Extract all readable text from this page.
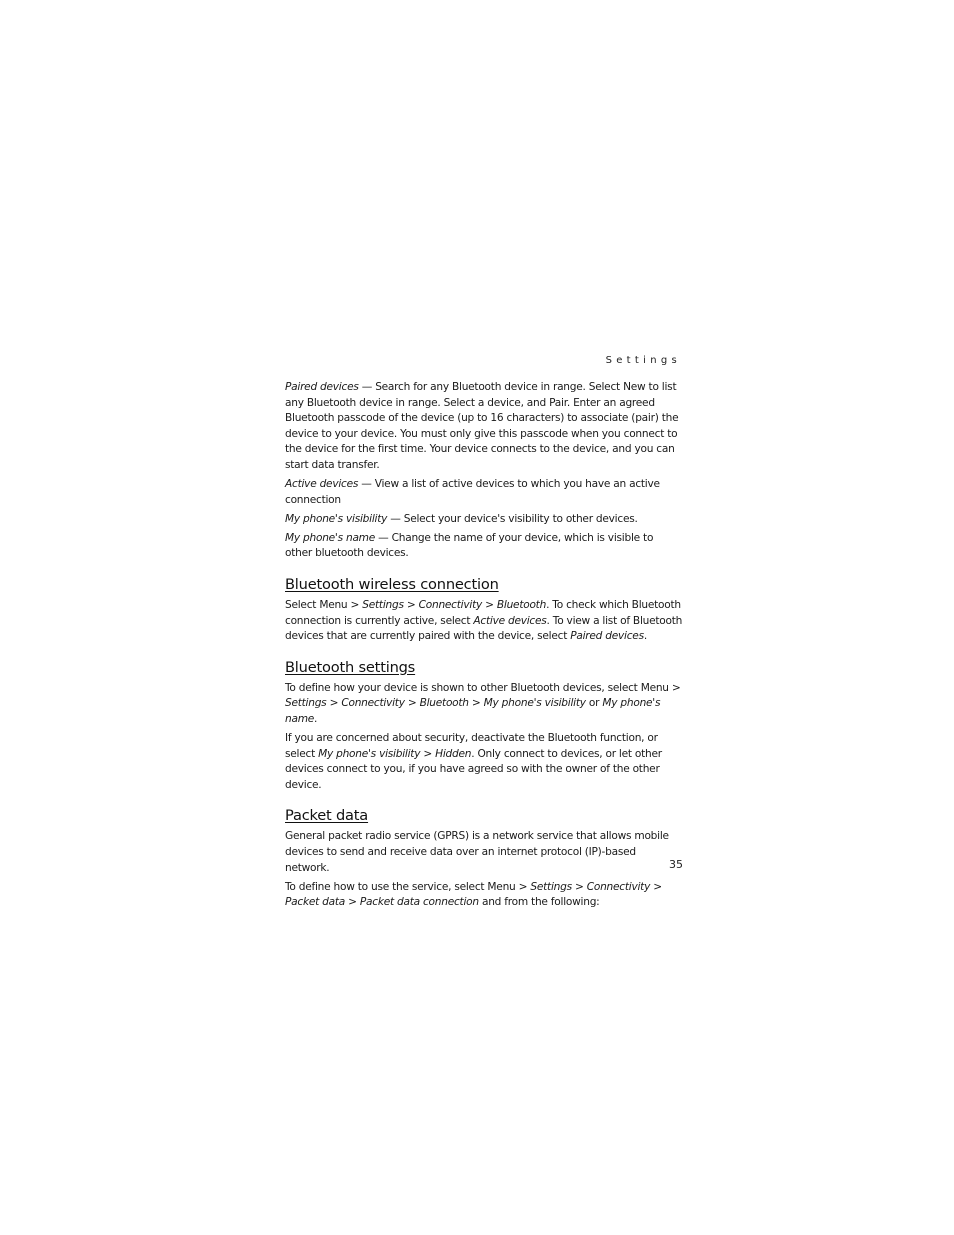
Settings

Paired devices — Search for any Bluetooth device in range. Select New to list any Bluetooth device in range. Select a device, and Pair. Enter an agreed Bluetooth passcode of the device (up to 16 characters) to associate (pair) the device to your device. You must only give this passcode when you connect to the device for the first time. Your device connects to the device, and you can start data transfer.

Active devices — View a list of active devices to which you have an active connection

My phone's visibility — Select your device's visibility to other devices.

My phone's name — Change the name of your device, which is visible to other bluetooth devices.

Bluetooth wireless connection

Select Menu > Settings > Connectivity > Bluetooth. To check which Bluetooth connection is currently active, select Active devices. To view a list of Bluetooth devices that are currently paired with the device, select Paired devices.

Bluetooth settings

To define how your device is shown to other Bluetooth devices, select Menu > Settings > Connectivity > Bluetooth > My phone's visibility or My phone's name.

If you are concerned about security, deactivate the Bluetooth function, or select My phone's visibility > Hidden. Only connect to devices, or let other devices connect to you, if you have agreed so with the owner of the other device.

Packet data

General packet radio service (GPRS) is a network service that allows mobile devices to send and receive data over an internet protocol (IP)-based network.

To define how to use the service, select Menu > Settings > Connectivity > Packet data > Packet data connection and from the following:

35
